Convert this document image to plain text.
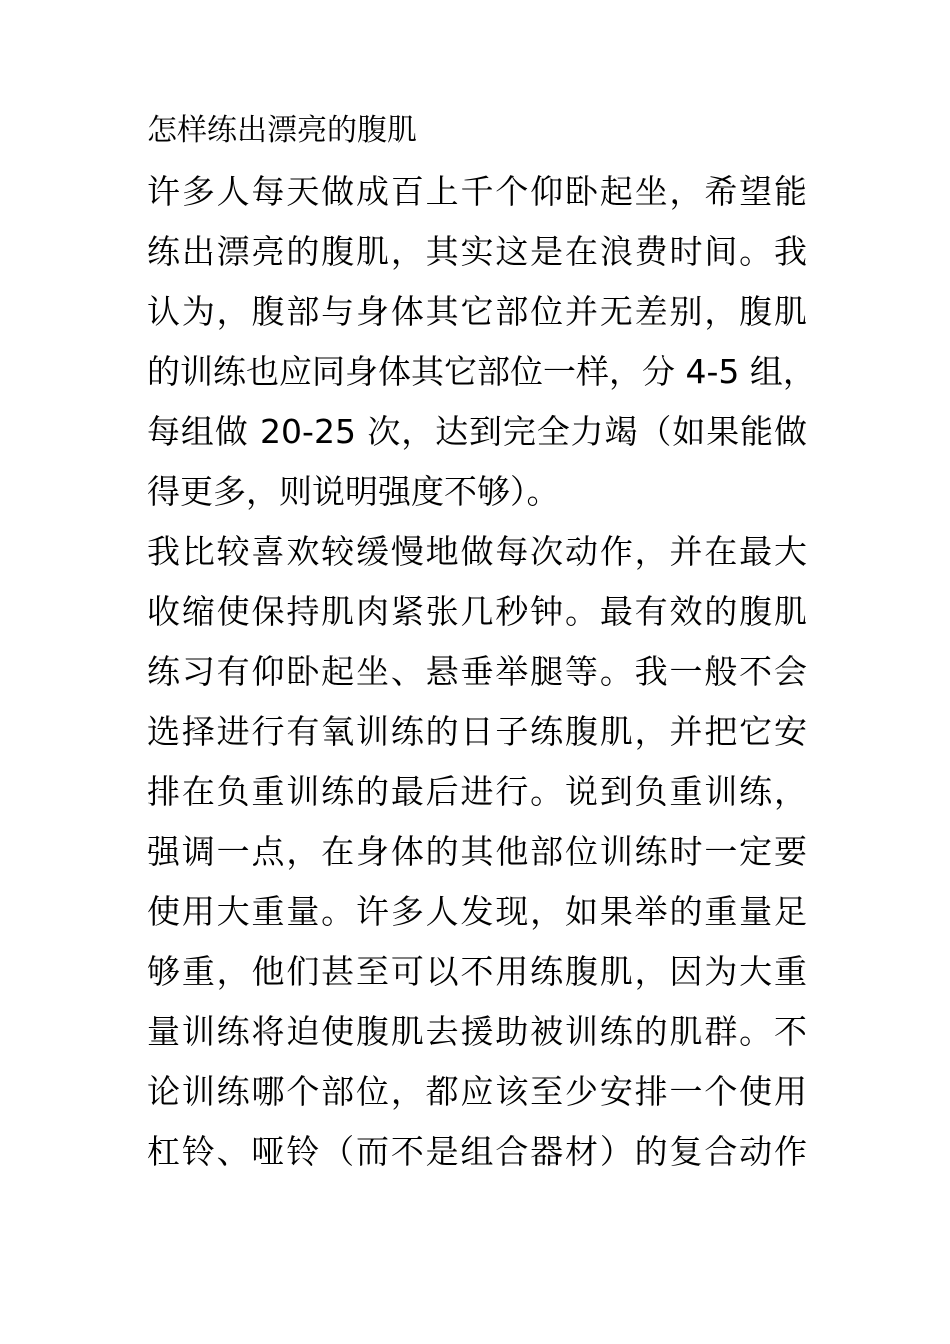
怎样练出漂亮的腹肌
许多人每天做成百上千个仰卧起坐，希望能
练出漂亮的腹肌，其实这是在浪费时间。我
认为，腹部与身体其它部位并无差别，腹肌
的训练也应同身体其它部位一样，分 4-5 组，
每组做 20-25 次，达到完全力竭（如果能做
得更多，则说明强度不够）。
我比较喜欢较缓慢地做每次动作，并在最大
收缩使保持肌肉紧张几秒钟。最有效的腹肌
练习有仰卧起坐、悬垂举腿等。我一般不会
选择进行有氧训练的日子练腹肌，并把它安
排在负重训练的最后进行。说到负重训练，
强调一点，在身体的其他部位训练时一定要
使用大重量。许多人发现，如果举的重量足
够重，他们甚至可以不用练腹肌，因为大重
量训练将迫使腹肌去援助被训练的肌群。不
论训练哪个部位，都应该至少安排一个使用
杠铃、哑铃（而不是组合器材）的复合动作
